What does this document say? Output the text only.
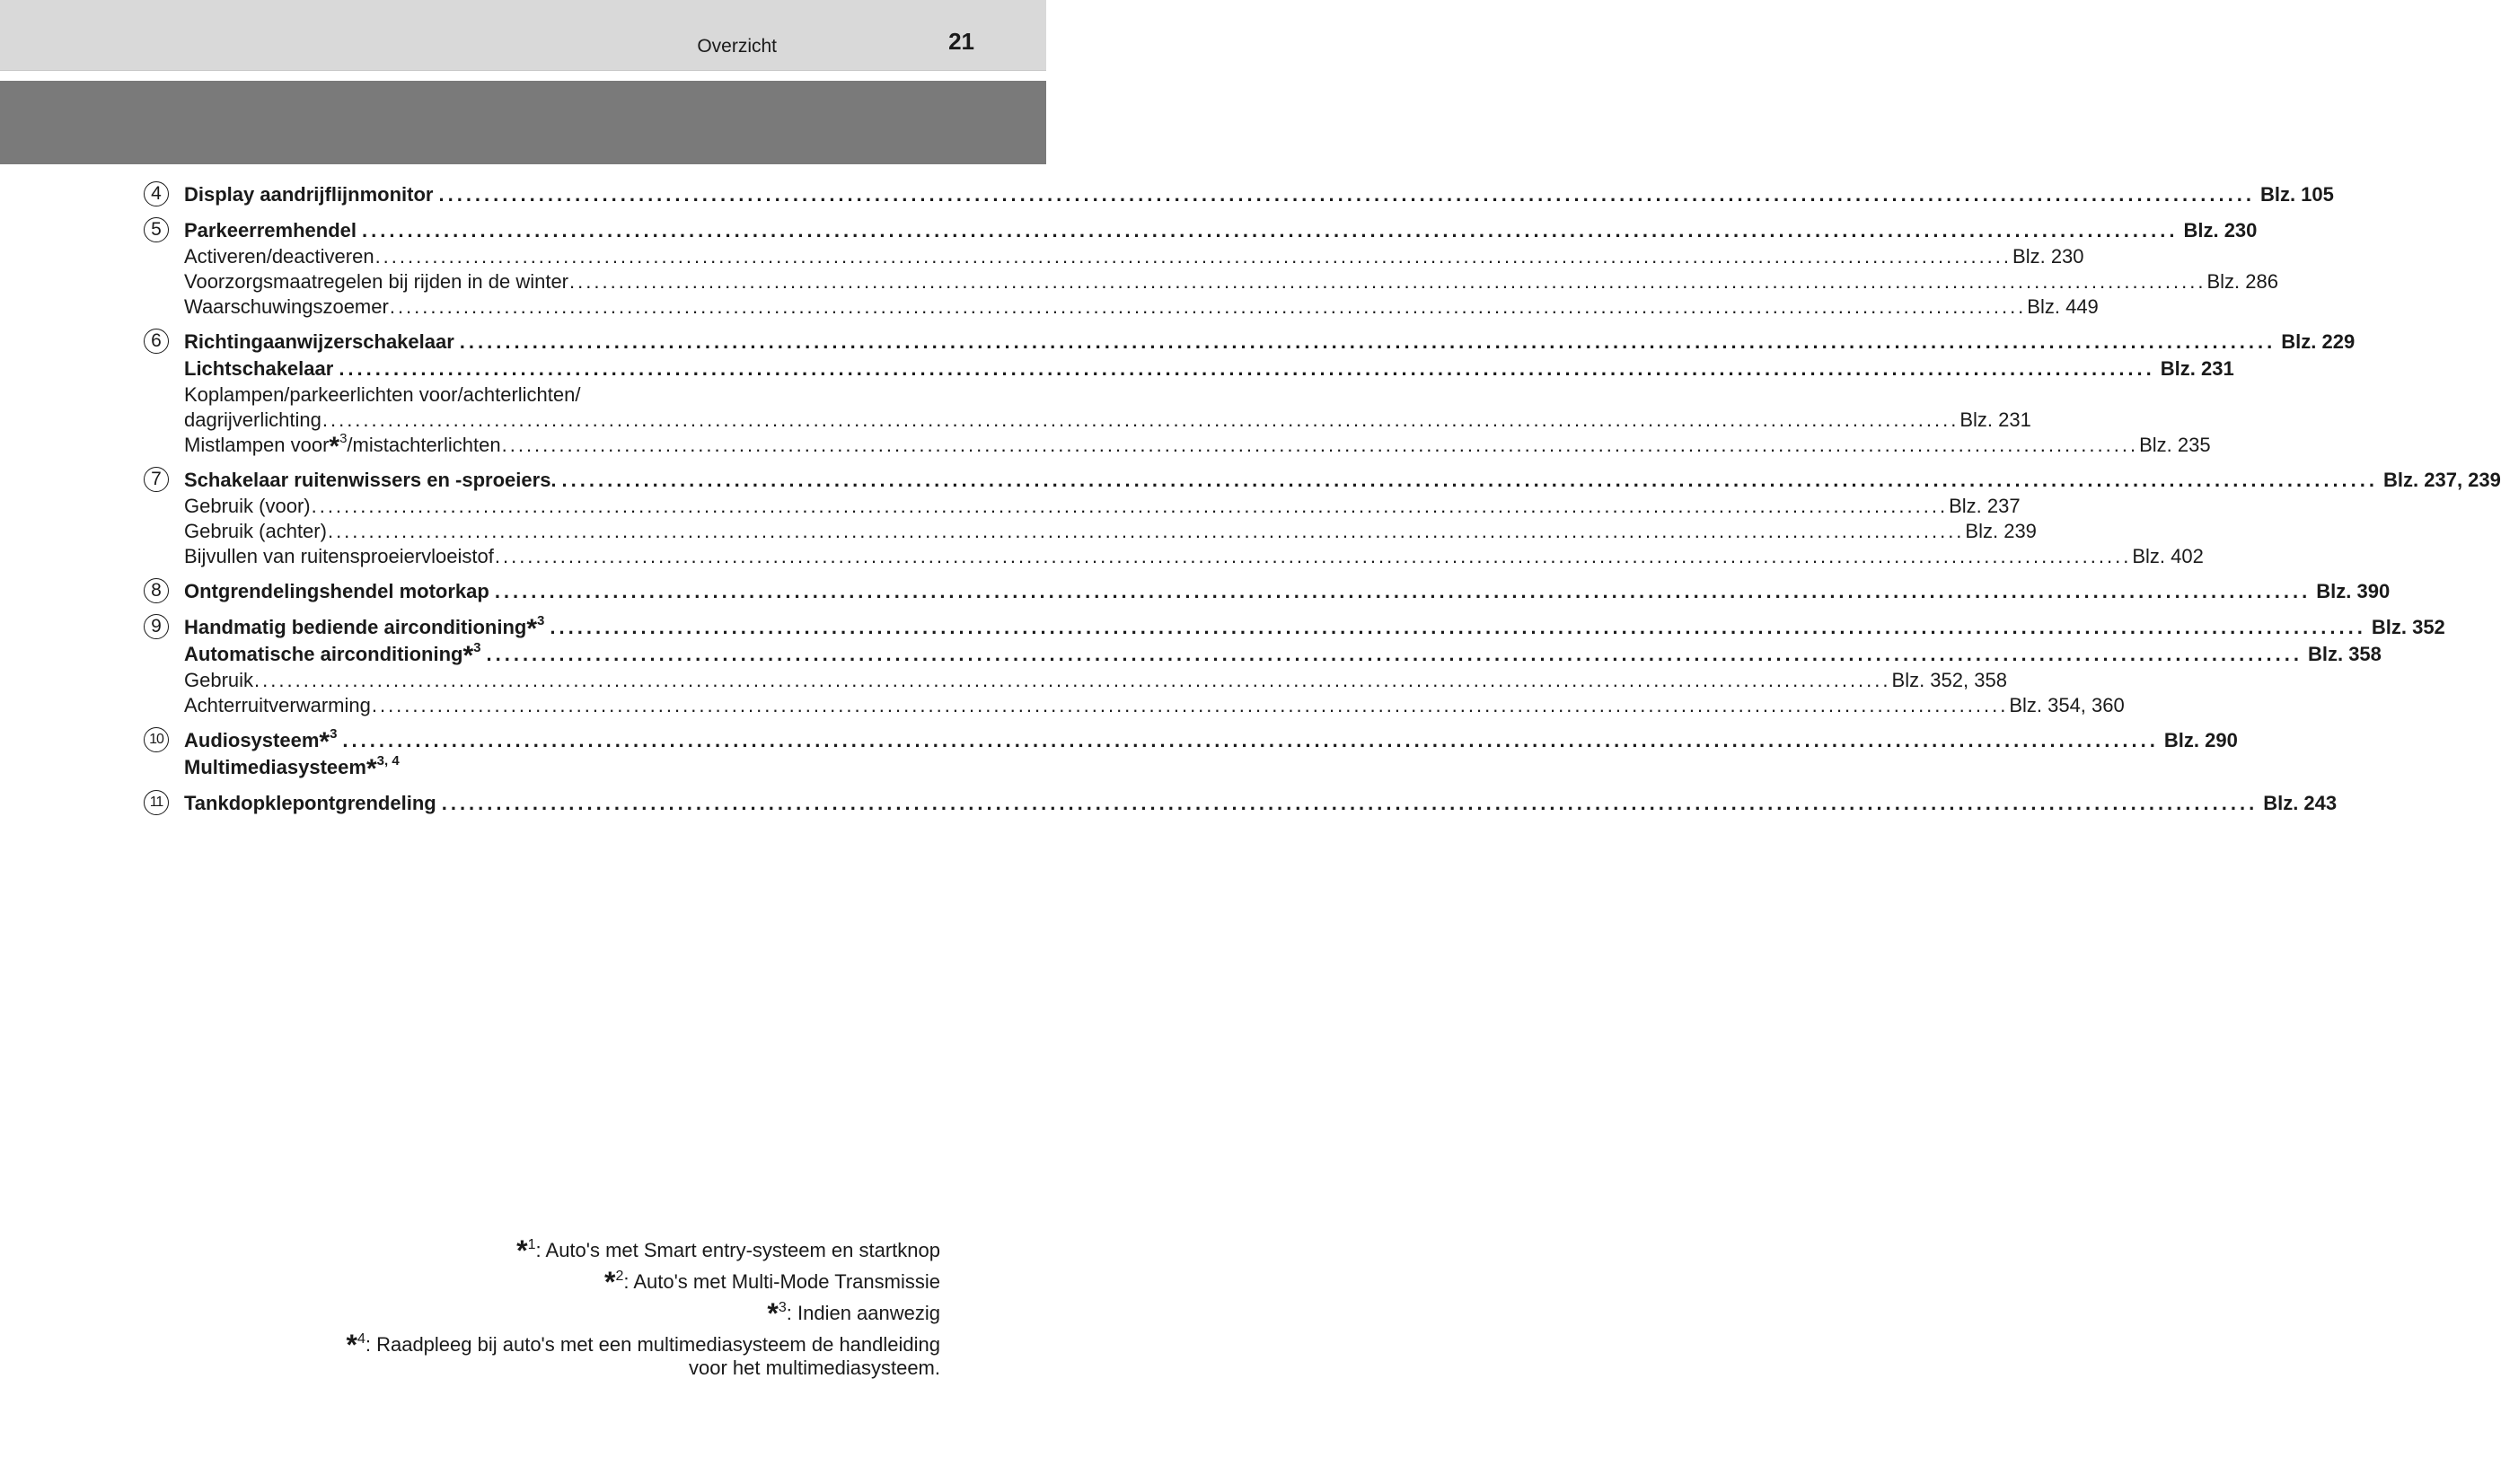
Overzicht	21
4	Display aandrijflijnmonitor ........................................................................................................................................................................................................ Blz. 105
5	Parkeerremhendel ........................................................................................................................................................................................................ Blz. 230
Activeren/deactiveren ........................................................................................................................................................................................................ Blz. 230
Voorzorgsmaatregelen bij rijden in de winter ........................................................................................................................................................................................................ Blz. 286
Waarschuwingszoemer ........................................................................................................................................................................................................ Blz. 449
6	Richtingaanwijzerschakelaar ........................................................................................................................................................................................................ Blz. 229
Lichtschakelaar ........................................................................................................................................................................................................ Blz. 231
Koplampen/parkeerlichten voor/achterlichten/
dagrijverlichting ........................................................................................................................................................................................................ Blz. 231
Mistlampen voor*$^3$/mistachterlichten ........................................................................................................................................................................................................ Blz. 235
7	Schakelaar ruitenwissers en -sproeiers. ........................................................................................................................................................................................................ Blz. 237, 239
Gebruik (voor) ........................................................................................................................................................................................................ Blz. 237
Gebruik (achter) ........................................................................................................................................................................................................ Blz. 239
Bijvullen van ruitensproeiervloeistof ........................................................................................................................................................................................................ Blz. 402
8	Ontgrendelingshendel motorkap ........................................................................................................................................................................................................ Blz. 390
9	Handmatig bediende airconditioning*$^3$ ........................................................................................................................................................................................................ Blz. 352
Automatische airconditioning*$^3$ ........................................................................................................................................................................................................ Blz. 358
Gebruik ........................................................................................................................................................................................................ Blz. 352, 358
Achterruitverwarming ........................................................................................................................................................................................................ Blz. 354, 360
10 Audiosysteem*$^3$ ........................................................................................................................................................................................................ Blz. 290
Multimediasysteem*$^{3, 4}$
11	Tankdopklepontgrendeling ........................................................................................................................................................................................................ Blz. 243
*$^1$: Auto's met Smart entry-systeem en startknop
*$^2$: Auto's met Multi-Mode Transmissie
*$^3$: Indien aanwezig
*$^4$: Raadpleeg bij auto's met een multimediasysteem de handleiding
voor het multimediasysteem.
